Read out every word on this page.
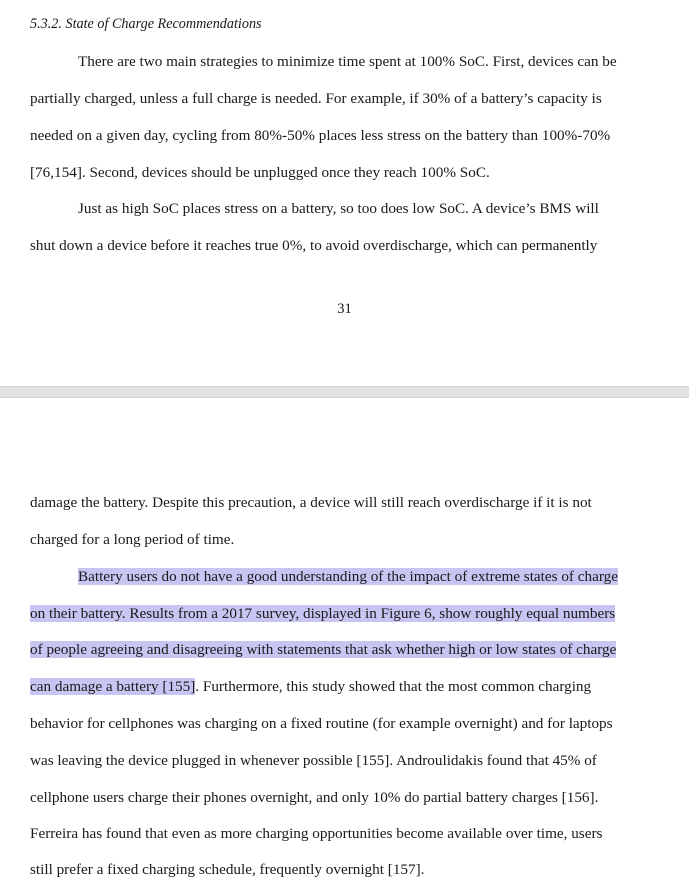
5.3.2. State of Charge Recommendations
There are two main strategies to minimize time spent at 100% SoC. First, devices can be
partially charged, unless a full charge is needed. For example, if 30% of a battery’s capacity is
needed on a given day, cycling from 80%-50% places less stress on the battery than 100%-70%
[76,154]. Second, devices should be unplugged once they reach 100% SoC.
Just as high SoC places stress on a battery, so too does low SoC. A device’s BMS will
shut down a device before it reaches true 0%, to avoid overdischarge, which can permanently
31
damage the battery. Despite this precaution, a device will still reach overdischarge if it is not
charged for a long period of time.
Battery users do not have a good understanding of the impact of extreme states of charge
on their battery. Results from a 2017 survey, displayed in Figure 6, show roughly equal numbers
of people agreeing and disagreeing with statements that ask whether high or low states of charge
can damage a battery [155]. Furthermore, this study showed that the most common charging
behavior for cellphones was charging on a fixed routine (for example overnight) and for laptops
was leaving the device plugged in whenever possible [155]. Androulidakis found that 45% of
cellphone users charge their phones overnight, and only 10% do partial battery charges [156].
Ferreira has found that even as more charging opportunities become available over time, users
still prefer a fixed charging schedule, frequently overnight [157].
